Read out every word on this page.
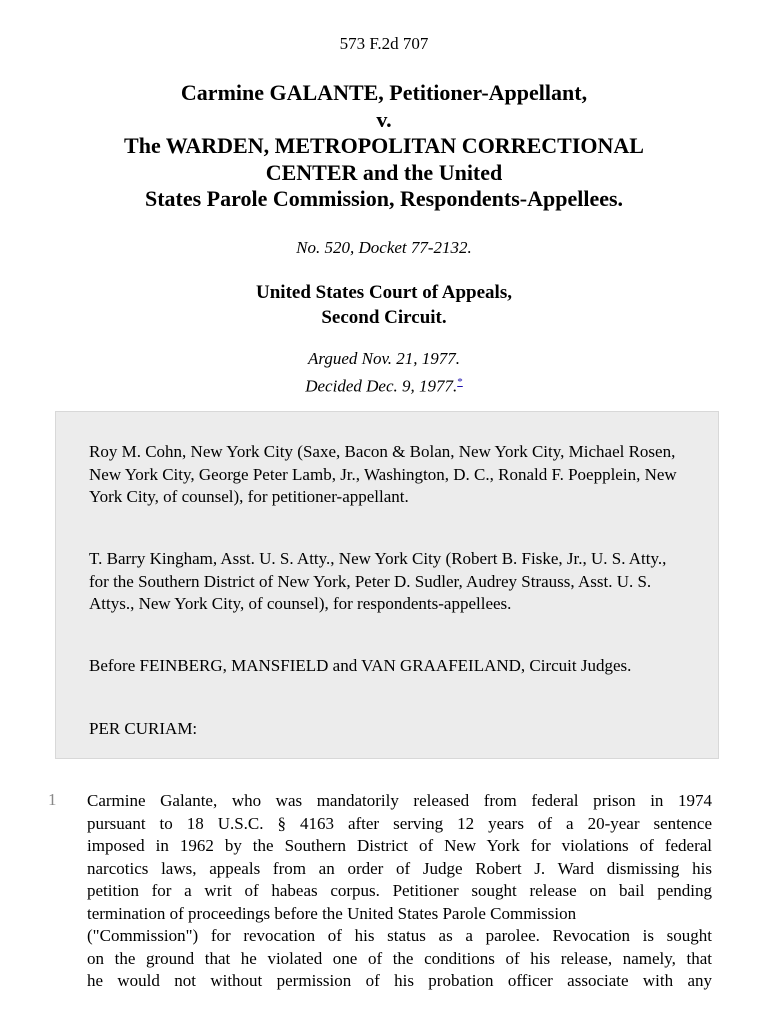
573 F.2d 707
Carmine GALANTE, Petitioner-Appellant,
v.
The WARDEN, METROPOLITAN CORRECTIONAL
CENTER and the United
States Parole Commission, Respondents-Appellees.
No. 520, Docket 77-2132.
United States Court of Appeals,
Second Circuit.
Argued Nov. 21, 1977.
Decided Dec. 9, 1977.*

Roy M. Cohn, New York City (Saxe, Bacon & Bolan, New York City, Michael Rosen, New York City, George Peter Lamb, Jr., Washington, D. C., Ronald F. Poepplein, New York City, of counsel), for petitioner-appellant.

T. Barry Kingham, Asst. U. S. Atty., New York City (Robert B. Fiske, Jr., U. S. Atty., for the Southern District of New York, Peter D. Sudler, Audrey Strauss, Asst. U. S. Attys., New York City, of counsel), for respondents-appellees.

Before FEINBERG, MANSFIELD and VAN GRAAFEILAND, Circuit Judges.

PER CURIAM:

1 Carmine Galante, who was mandatorily released from federal prison in 1974
pursuant to 18 U.S.C. § 4163 after serving 12 years of a 20-year sentence
imposed in 1962 by the Southern District of New York for violations of federal
narcotics laws, appeals from an order of Judge Robert J. Ward dismissing his
petition for a writ of habeas corpus. Petitioner sought release on bail pending
termination of proceedings before the United States Parole Commission
("Commission") for revocation of his status as a parolee. Revocation is sought
on the ground that he violated one of the conditions of his release, namely, that
he would not without permission of his probation officer associate with any
